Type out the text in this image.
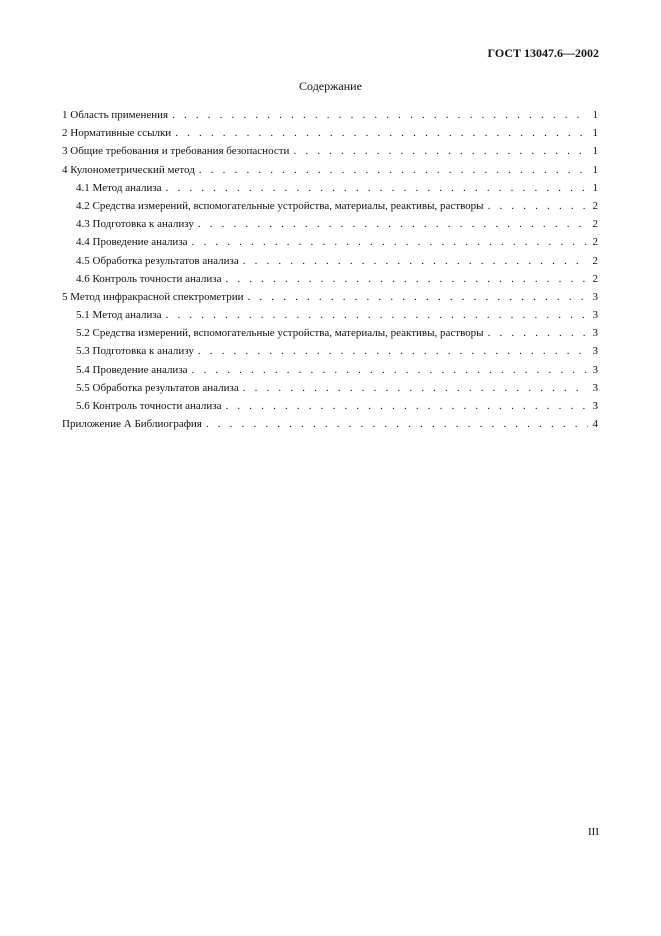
ГОСТ 13047.6—2002
Содержание
1 Область применения . . .	1
2 Нормативные ссылки . . .	1
3 Общие требования и требования безопасности . . .	1
4 Кулонометрический метод . . .	1
4.1 Метод анализа . . .	1
4.2 Средства измерений, вспомогательные устройства, материалы, реактивы, растворы . . .	2
4.3 Подготовка к анализу . . .	2
4.4 Проведение анализа . . .	2
4.5 Обработка результатов анализа . . .	2
4.6 Контроль точности анализа . . .	2
5 Метод инфракрасной спектрометрии . . .	3
5.1 Метод анализа . . .	3
5.2 Средства измерений, вспомогательные устройства, материалы, реактивы, растворы . . .	3
5.3 Подготовка к анализу . . .	3
5.4 Проведение анализа . . .	3
5.5 Обработка результатов анализа . . .	3
5.6 Контроль точности анализа . . .	3
Приложение А Библиография . . .	4
III
